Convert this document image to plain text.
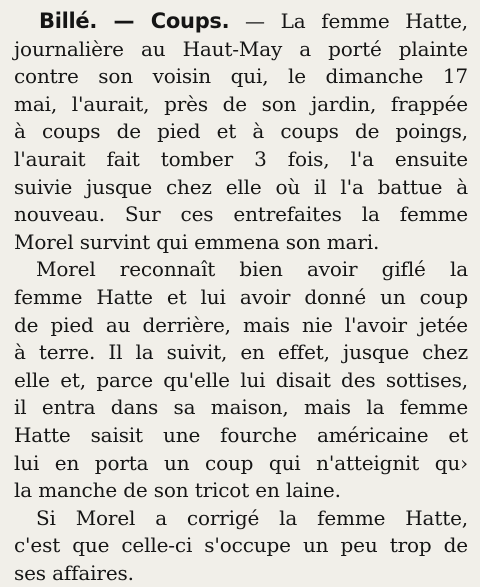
Billé. — Coups. — La femme Hatte,
journalière au Haut-May a porté plainte
contre son voisin qui, le dimanche 17
mai, l'aurait, près de son jardin, frappée
à coups de pied et à coups de poings,
l'aurait fait tomber 3 fois, l'a ensuite
suivie jusque chez elle où il l'a battue à
nouveau. Sur ces entrefaites la femme
Morel survint qui emmena son mari.
Morel reconnaît bien avoir giflé la
femme Hatte et lui avoir donné un coup
de pied au derrière, mais nie l'avoir jetée
à terre. Il la suivit, en effet, jusque chez
elle et, parce qu'elle lui disait des sottises,
il entra dans sa maison, mais la femme
Hatte saisit une fourche américaine et
lui en porta un coup qui n'atteignit qu›
la manche de son tricot en laine.
Si Morel a corrigé la femme Hatte,
c'est que celle-ci s'occupe un peu trop de
ses affaires.
